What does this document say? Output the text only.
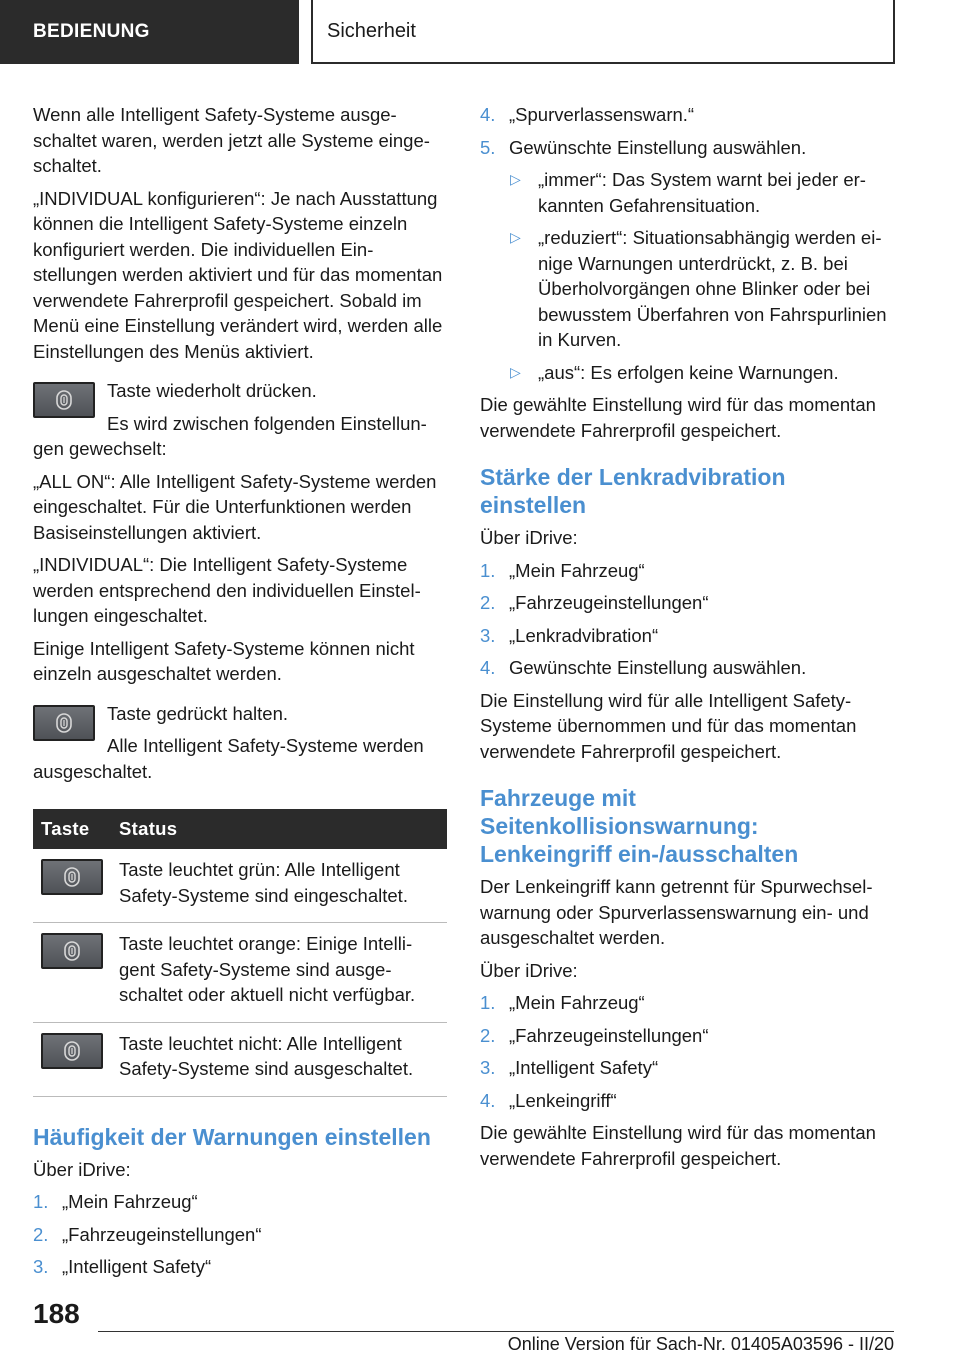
BEDIENUNG	Sicherheit

Wenn alle Intelligent Safety-Systeme ausgeschaltet waren, werden jetzt alle Systeme eingeschaltet.

„INDIVIDUAL konfigurieren“: Je nach Ausstattung können die Intelligent Safety-Systeme einzeln konfiguriert werden. Die individuellen Einstellungen werden aktiviert und für das momentan verwendete Fahrerprofil gespeichert. Sobald im Menü eine Einstellung verändert wird, werden alle Einstellungen des Menüs aktiviert.

Taste wiederholt drücken.

Es wird zwischen folgenden Einstellungen gewechselt:

„ALL ON“: Alle Intelligent Safety-Systeme werden eingeschaltet. Für die Unterfunktionen werden Basiseinstellungen aktiviert.

„INDIVIDUAL“: Die Intelligent Safety-Systeme werden entsprechend den individuellen Einstellungen eingeschaltet.

Einige Intelligent Safety-Systeme können nicht einzeln ausgeschaltet werden.

Taste gedrückt halten.

Alle Intelligent Safety-Systeme werden ausgeschaltet.

Taste	Status

	Taste leuchtet grün: Alle Intelligent Safety-Systeme sind eingeschaltet.

	Taste leuchtet orange: Einige Intelligent Safety-Systeme sind ausgeschaltet oder aktuell nicht verfügbar.

	Taste leuchtet nicht: Alle Intelligent Safety-Systeme sind ausgeschaltet.
Häufigkeit der Warnungen einstellen

Über iDrive:

1. „Mein Fahrzeug“
2. „Fahrzeugeinstellungen“
3. „Intelligent Safety“
4. „Spurverlassenswarn.“
5. Gewünschte Einstellung auswählen.
▷ „immer“: Das System warnt bei jeder erkannten Gefahrensituation.
▷ „reduziert“: Situationsabhängig werden einige Warnungen unterdrückt, z. B. bei Überholvorgängen ohne Blinker oder bei bewusstem Überfahren von Fahrspurlinien in Kurven.
▷ „aus“: Es erfolgen keine Warnungen.

Die gewählte Einstellung wird für das momentan verwendete Fahrerprofil gespeichert.

Stärke der Lenkradvibration einstellen

Über iDrive:

1. „Mein Fahrzeug“
2. „Fahrzeugeinstellungen“
3. „Lenkradvibration“
4. Gewünschte Einstellung auswählen.

Die Einstellung wird für alle Intelligent Safety-Systeme übernommen und für das momentan verwendete Fahrerprofil gespeichert.

Fahrzeuge mit Seitenkollisionswarnung: Lenkeingriff ein-/ausschalten

Der Lenkeingriff kann getrennt für Spurwechselwarnung oder Spurverlassenswarnung ein- und ausgeschaltet werden.

Über iDrive:

1. „Mein Fahrzeug“
2. „Fahrzeugeinstellungen“
3. „Intelligent Safety“
4. „Lenkeingriff“

Die gewählte Einstellung wird für das momentan verwendete Fahrerprofil gespeichert.

188
Online Version für Sach-Nr. 01405A03596 - II/20
